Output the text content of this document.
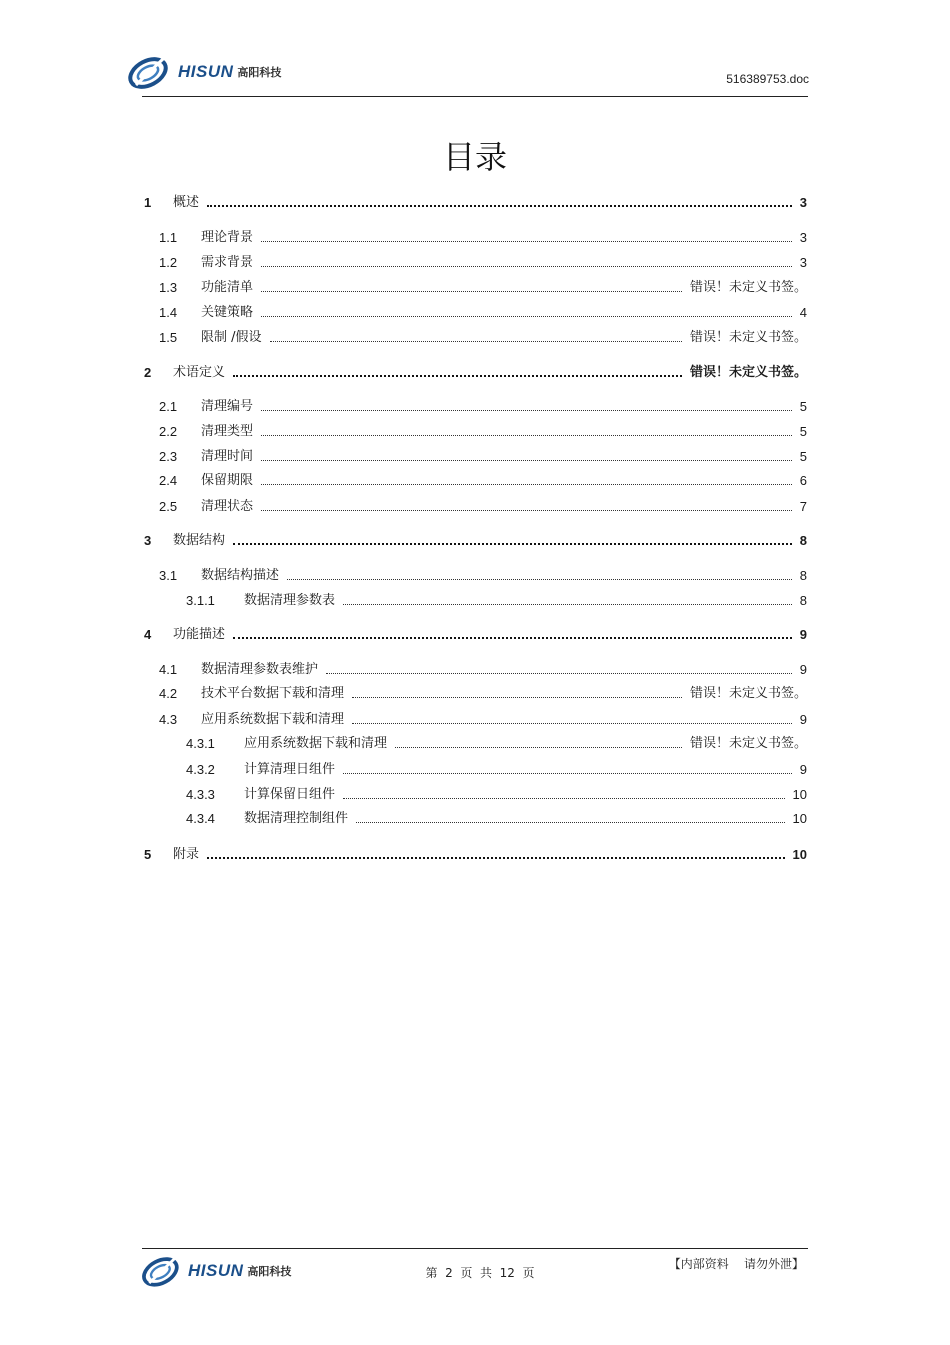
HISUN 高阳科技	516389753.doc
目录
1 概述	3
1.1 理论背景	3
1.2 需求背景	3
1.3 功能清单	错误！未定义书签。
1.4 关键策略	4
1.5 限制 /假设	错误！未定义书签。
2 术语定义	错误！未定义书签。
2.1 清理编号	5
2.2 清理类型	5
2.3 清理时间	5
2.4 保留期限	6
2.5 清理状态	7
3 数据结构	8
3.1 数据结构描述	8
3.1.1 数据清理参数表	8
4 功能描述	9
4.1 数据清理参数表维护	9
4.2 技术平台数据下载和清理	错误！未定义书签。
4.3 应用系统数据下载和清理	9
4.3.1 应用系统数据下载和清理	错误！未定义书签。
4.3.2 计算清理日组件	9
4.3.3 计算保留日组件	10
4.3.4 数据清理控制组件	10
5 附录	10
HISUN 高阳科技	第  2  页  共  12  页
【内部资料    请勿外泄】
